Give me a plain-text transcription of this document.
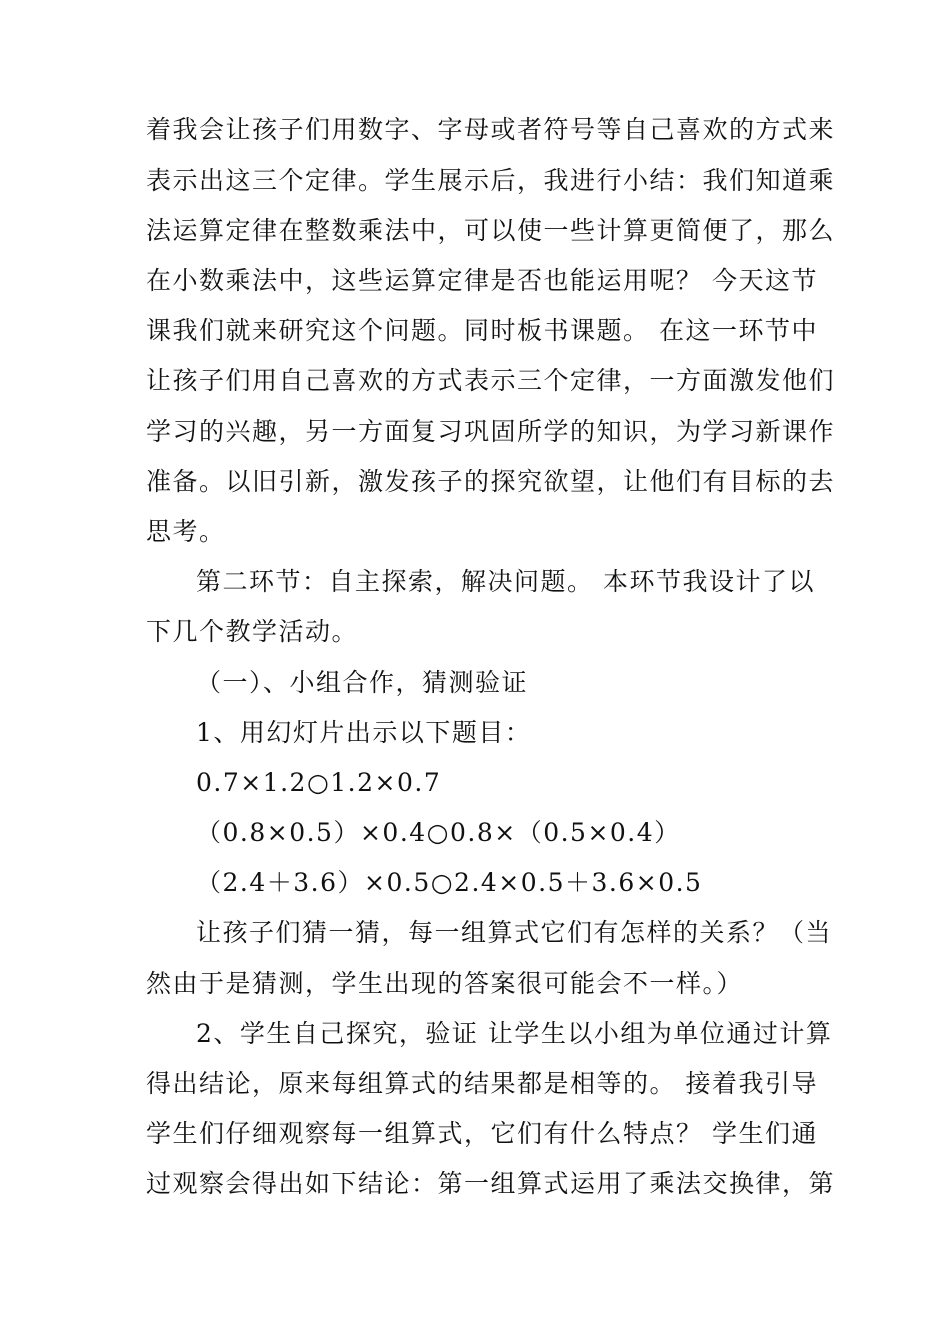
着我会让孩子们用数字、字母或者符号等自己喜欢的方式来
表示出这三个定律。学生展示后，我进行小结：我们知道乘
法运算定律在整数乘法中，可以使一些计算更简便了，那么
在小数乘法中，这些运算定律是否也能运用呢？ 今天这节
课我们就来研究这个问题。同时板书课题。 在这一环节中
让孩子们用自己喜欢的方式表示三个定律，一方面激发他们
学习的兴趣，另一方面复习巩固所学的知识，为学习新课作
准备。以旧引新，激发孩子的探究欲望，让他们有目标的去
思考。
第二环节：自主探索，解决问题。 本环节我设计了以
下几个教学活动。
（一）、小组合作，猜测验证
1、用幻灯片出示以下题目：
0.7×1.2○1.2×0.7
（0.8×0.5）×0.4○0.8×（0.5×0.4）
（2.4＋3.6）×0.5○2.4×0.5＋3.6×0.5
让孩子们猜一猜，每一组算式它们有怎样的关系？（当
然由于是猜测，学生出现的答案很可能会不一样。）
2、学生自己探究，验证 让学生以小组为单位通过计算
得出结论，原来每组算式的结果都是相等的。 接着我引导
学生们仔细观察每一组算式，它们有什么特点？ 学生们通
过观察会得出如下结论：第一组算式运用了乘法交换律，第
